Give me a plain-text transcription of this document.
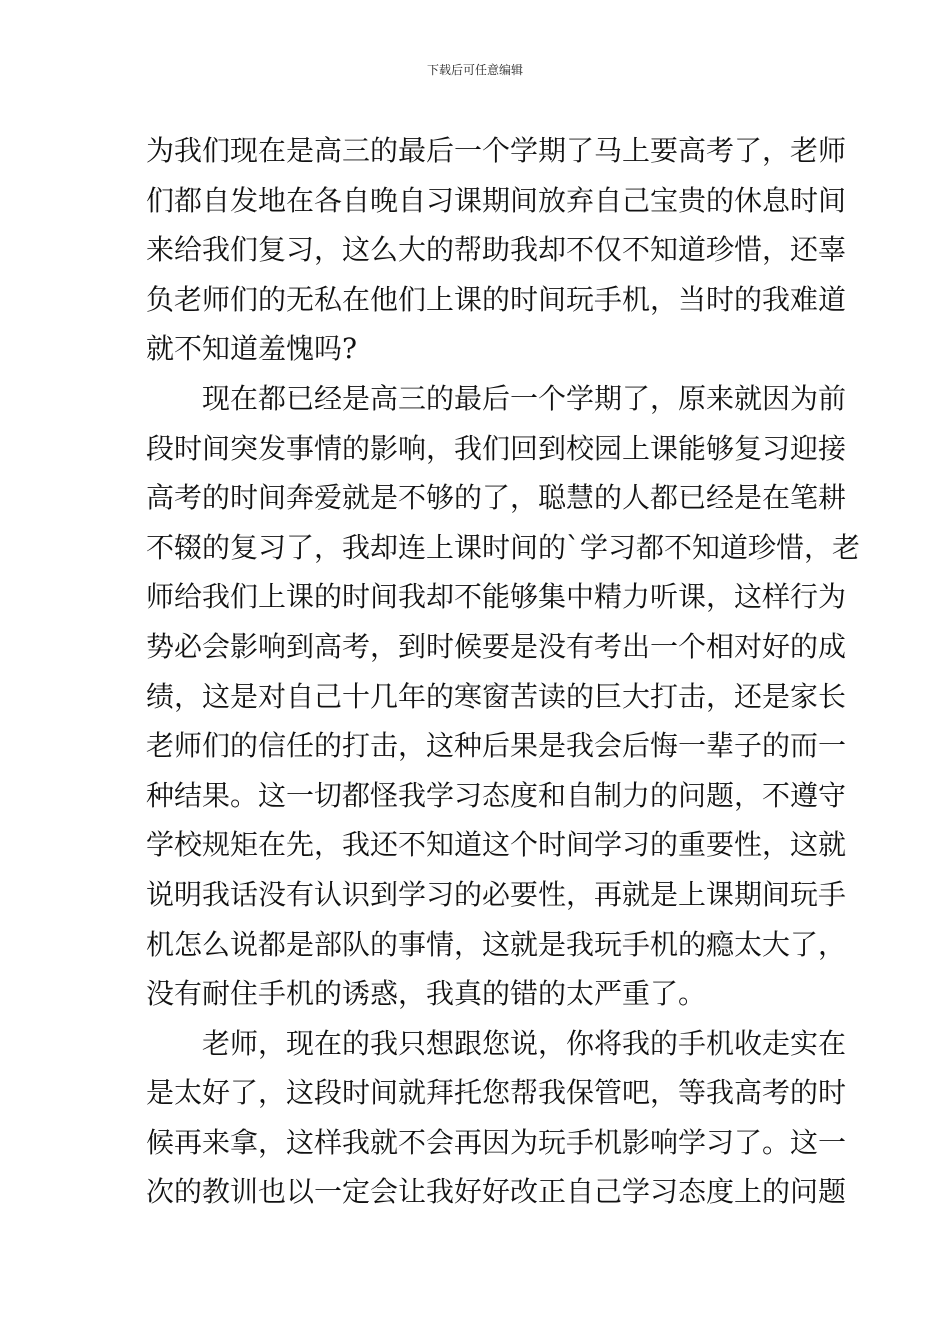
下载后可任意编辑
为我们现在是高三的最后一个学期了马上要高考了，老师
们都自发地在各自晚自习课期间放弃自己宝贵的休息时间
来给我们复习，这么大的帮助我却不仅不知道珍惜，还辜
负老师们的无私在他们上课的时间玩手机，当时的我难道
就不知道羞愧吗?
现在都已经是高三的最后一个学期了，原来就因为前
段时间突发事情的影响，我们回到校园上课能够复习迎接
高考的时间奔爱就是不够的了，聪慧的人都已经是在笔耕
不辍的复习了，我却连上课时间的`学习都不知道珍惜，老
师给我们上课的时间我却不能够集中精力听课，这样行为
势必会影响到高考，到时候要是没有考出一个相对好的成
绩，这是对自己十几年的寒窗苦读的巨大打击，还是家长
老师们的信任的打击，这种后果是我会后悔一辈子的而一
种结果。这一切都怪我学习态度和自制力的问题，不遵守
学校规矩在先，我还不知道这个时间学习的重要性，这就
说明我话没有认识到学习的必要性，再就是上课期间玩手
机怎么说都是部队的事情，这就是我玩手机的瘾太大了，
没有耐住手机的诱惑，我真的错的太严重了。
老师，现在的我只想跟您说，你将我的手机收走实在
是太好了，这段时间就拜托您帮我保管吧，等我高考的时
候再来拿，这样我就不会再因为玩手机影响学习了。这一
次的教训也以一定会让我好好改正自己学习态度上的问题
